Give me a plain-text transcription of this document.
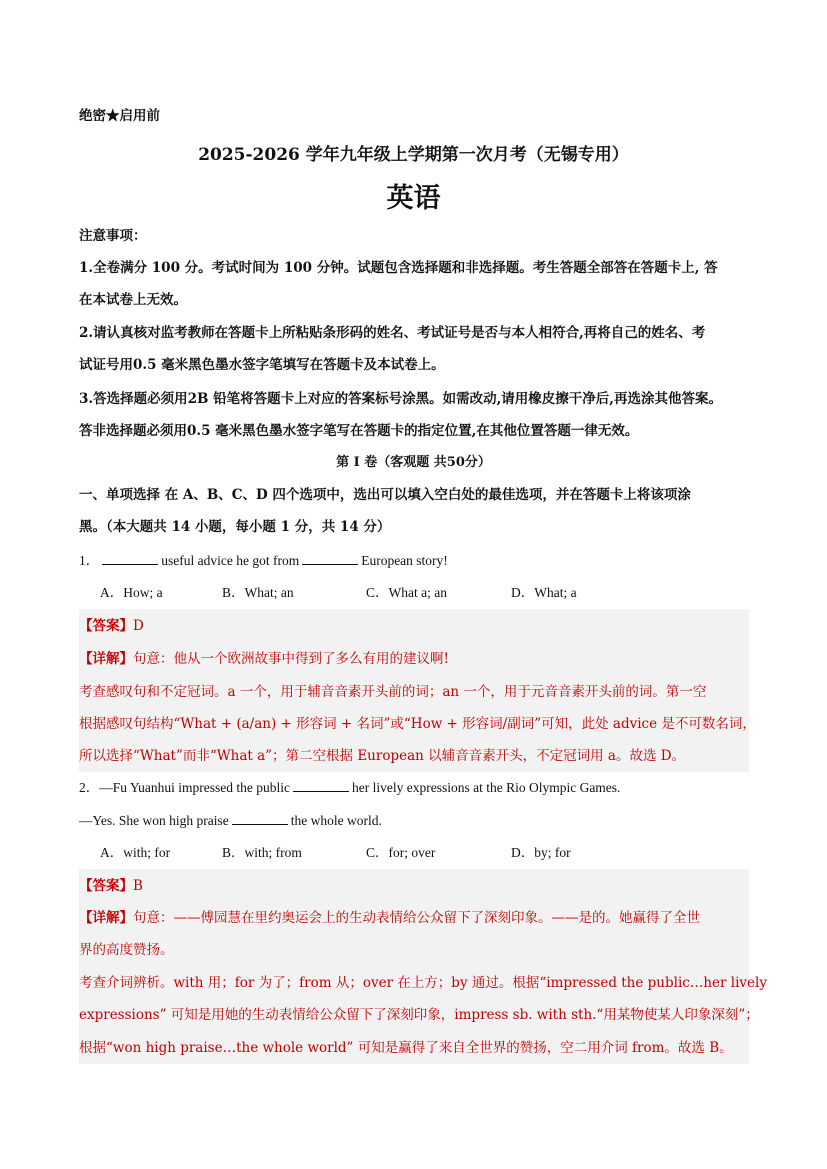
绝密★启用前
2025-2026 学年九年级上学期第一次月考（无锡专用）
英语
注意事项：
1.全卷满分 100 分。考试时间为 100 分钟。试题包含选择题和非选择题。考生答题全部答在答题卡上, 答
在本试卷上无效。
2.请认真核对监考教师在答题卡上所粘贴条形码的姓名、考试证号是否与本人相符合,再将自己的姓名、考
试证号用0.5 毫米黑色墨水签字笔填写在答题卡及本试卷上。
3.答选择题必须用2B 铅笔将答题卡上对应的答案标号涂黑。如需改动,请用橡皮擦干净后,再选涂其他答案。
答非选择题必须用0.5 毫米黑色墨水签字笔写在答题卡的指定位置,在其他位置答题一律无效。
第 I 卷（客观题 共50分）
一、单项选择 在 A、B、C、D 四个选项中，选出可以填入空白处的最佳选项，并在答题卡上将该项涂
黑。（本大题共 14 小题，每小题 1 分，共 14 分）
1．	useful advice he got from	European story!
A．How; a	B．What; an	C．What a; an	D．What; a
【答案】D
【详解】句意：他从一个欧洲故事中得到了多么有用的建议啊!
考查感叹句和不定冠词。a 一个，用于辅音音素开头前的词；an 一个，用于元音音素开头前的词。第一空
根据感叹句结构“What + (a/an) + 形容词 + 名词”或“How + 形容词/副词”可知，此处 advice 是不可数名词，
所以选择“What”而非“What a”；第二空根据 European 以辅音音素开头，不定冠词用 a。故选 D。
2．—Fu Yuanhui impressed the public	her lively expressions at the Rio Olympic Games.
—Yes. She won high praise	the whole world.
A．with; for	B．with; from	C．for; over	D．by; for
【答案】B
【详解】句意：——傅园慧在里约奥运会上的生动表情给公众留下了深刻印象。——是的。她赢得了全世
界的高度赞扬。
考查介词辨析。with 用；for 为了；from 从；over 在上方；by 通过。根据“impressed the public…her lively
expressions” 可知是用她的生动表情给公众留下了深刻印象，impress sb. with sth.“用某物使某人印象深刻”；
根据“won high praise…the whole world” 可知是赢得了来自全世界的赞扬，空二用介词 from。故选 B。
